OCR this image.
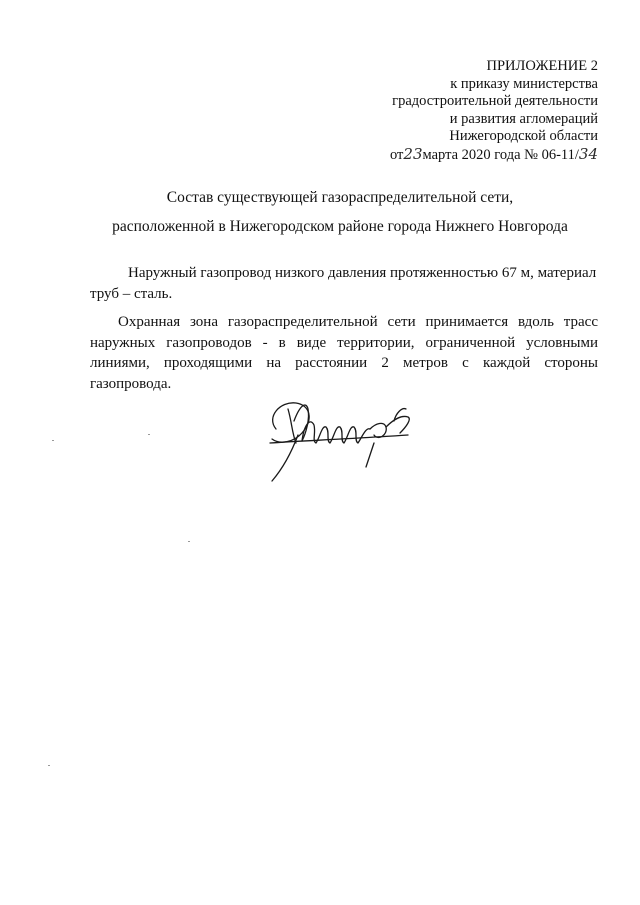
ПРИЛОЖЕНИЕ 2
к приказу министерства
градостроительной деятельности
и развития агломераций
Нижегородской области
от23марта 2020 года № 06-11/34
Состав существующей газораспределительной сети,
расположенной в Нижегородском районе города Нижнего Новгорода

Наружный газопровод низкого давления протяженностью 67 м, материал труб – сталь.

Охранная зона газораспределительной сети принимается вдоль трасс наружных газопроводов - в виде территории, ограниченной условными линиями, проходящими на расстоянии 2 метров с каждой стороны газопровода.
